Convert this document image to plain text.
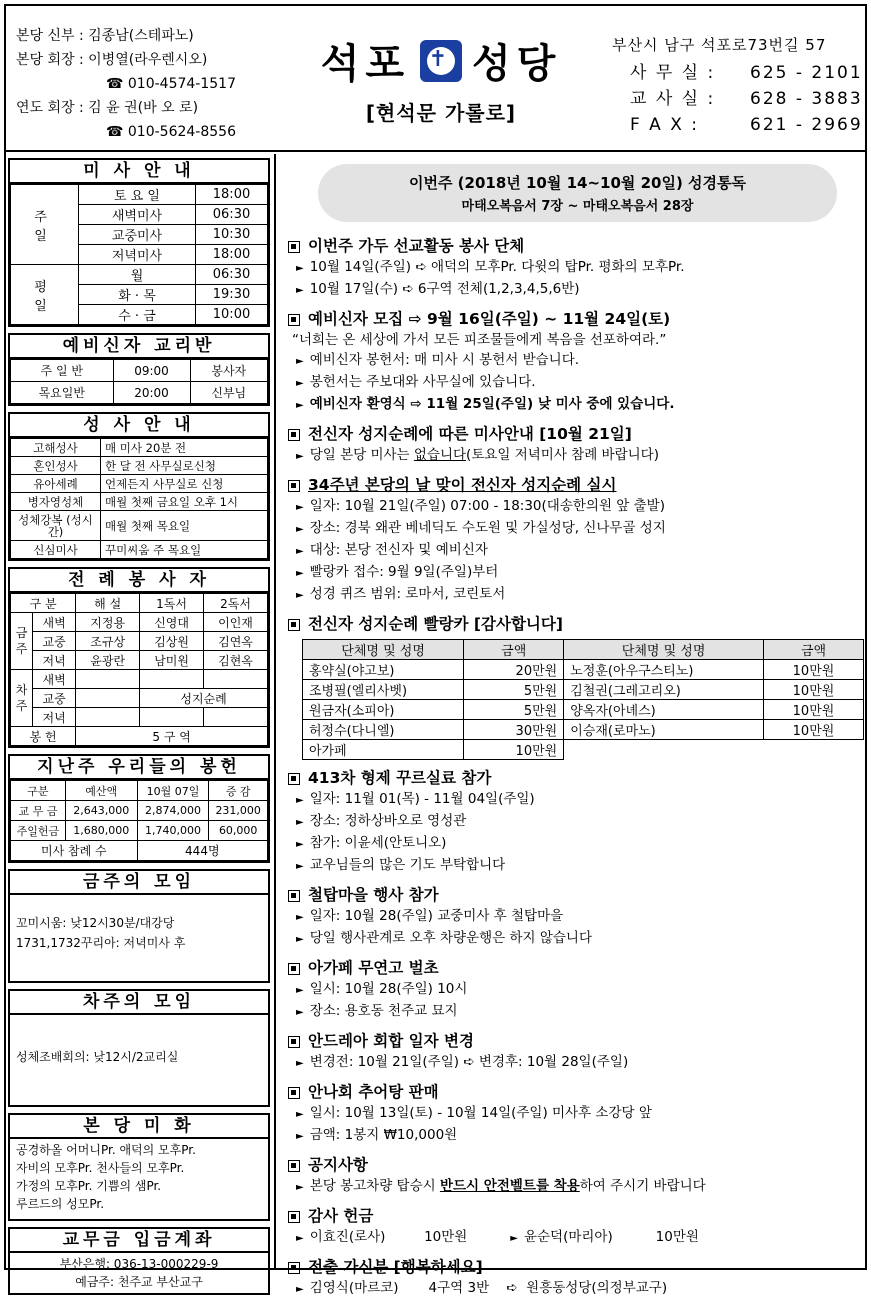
본당 신부 : 김종남(스테파노)
본당 회장 : 이병열(라우렌시오)
☎ 010-4574-1517
연도 회장 : 김 윤 권(바 오 로)
☎ 010-5624-8556
석포
✝ 성당
[현석문 가롤로]
부산시 남구 석포로73번길 57
사 무 실 : 625 - 2101
교 사 실 : 628 - 3883
F A X :	621 - 2969
미 사 안 내
주 일	토 요 일	18:00
	새벽미사	06:30
	교중미사	10:30
	저녁미사	18:00
평 일	월	06:30
	화 · 목	19:30
	수 · 금	10:00
예비신자 교리반
주 일 반	09:00	봉사자
목요일반	20:00	신부님
성 사 안 내
고해성사	매 미사 20분 전
혼인성사	한 달 전 사무실로신청
유아세례	언제든지 사무실로 신청
병자영성체	매월 첫째 금요일 오후 1시
성체강복 (성시간)	매월 첫째 목요일
신심미사	꾸미씨움 주 목요일
전 례 봉 사 자
구 분		해 설	1독서	2독서
금 주	새벽	지정용	신영대	이인재
	교중	조규상	김상원	김연옥
	저녁	윤광란	남미원	김현옥
차 주	새벽			
	교중		성지순례	
	저녁			
봉 헌		5 구 역		
지난주 우리들의 봉헌
구분	예산액	10월 07일	증 감
교 무 금	2,643,000	2,874,000	231,000
주일헌금	1,680,000	1,740,000	60,000
미사 참례 수		444명	
금주의 모임
꼬미시움: 낮12시30분/대강당
1731,1732꾸리아: 저녁미사 후
차주의 모임
성체조배회의: 낮12시/2교리실
본 당 미 화
공경하올 어머니Pr. 애덕의 모후Pr.
자비의 모후Pr. 천사들의 모후Pr.
가정의 모후Pr. 기쁨의 샘Pr.
루르드의 성모Pr.
교무금 입금계좌
부산은행: 036-13-000229-9
예금주: 천주교 부산교구
이번주 (2018년 10월 14~10월 20일) 성경통독
마태오복음서 7장 ~ 마태오복음서 28장
이번주 가두 선교활동 봉사 단체
► 10월 14일(주일) ➪ 애덕의 모후Pr. 다윗의 탑Pr. 평화의 모후Pr.
► 10월 17일(수) ➪ 6구역 전체(1,2,3,4,5,6반)
예비신자 모집 ⇨ 9월 16일(주일) ~ 11월 24일(토)
“너희는 온 세상에 가서 모든 피조물들에게 복음을 선포하여라.”
► 예비신자 봉헌서: 매 미사 시 봉헌서 받습니다.
► 봉헌서는 주보대와 사무실에 있습니다.
► 예비신자 환영식 ⇨ 11월 25일(주일) 낮 미사 중에 있습니다.
전신자 성지순례에 따른 미사안내 [10월 21일]
► 당일 본당 미사는 없습니다(토요일 저녁미사 참례 바랍니다)
34주년 본당의 날 맞이 전신자 성지순례 실시
► 일자: 10월 21일(주일) 07:00 - 18:30(대송한의원 앞 출발)
► 장소: 경북 왜관 베네딕도 수도원 및 가실성당, 신나무골 성지
► 대상: 본당 전신자 및 예비신자
► 빨랑카 접수: 9월 9일(주일)부터
► 성경 퀴즈 범위: 로마서, 코린토서
전신자 성지순례 빨랑카 [감사합니다]
단체명 및 성명	금액	단체명 및 성명	금액
홍약실(야고보)	20만원	노정훈(아우구스티노)	10만원
조병필(엘리사벳)	5만원	김철권(그레고리오)	10만원
원금자(소피아)	5만원	양옥자(아녜스)	10만원
허정수(다니엘)	30만원	이승재(로마노)	10만원
아가페	10만원		
413차 형제 꾸르실료 참가
► 일자: 11월 01(목) - 11월 04일(주일)
► 장소: 정하상바오로 영성관
► 참가: 이윤세(안토니오)
► 교우님들의 많은 기도 부탁합니다
철탑마을 행사 참가
► 일자: 10월 28(주일) 교중미사 후 철탑마을
► 당일 행사관계로 오후 차량운행은 하지 않습니다
아가페 무연고 벌초
► 일시: 10월 28(주일) 10시
► 장소: 용호동 천주교 묘지
안드레아 회합 일자 변경
► 변경전: 10월 21일(주일) ➪ 변경후: 10월 28일(주일)
안나회 추어탕 판매
► 일시: 10월 13일(토) - 10월 14일(주일) 미사후 소강당 앞
► 금액: 1봉지 ₩10,000원
공지사항
► 본당 봉고차량 탑승시 반드시 안전벨트를 착용하여 주시기 바랍니다
감사 헌금
► 이효진(로사)         10만원	► 윤순덕(마리아)          10만원
전출 가신분 [행복하세요]
► 김영식(마르코)       4구역 3반    ➪  원흥동성당(의정부교구)
